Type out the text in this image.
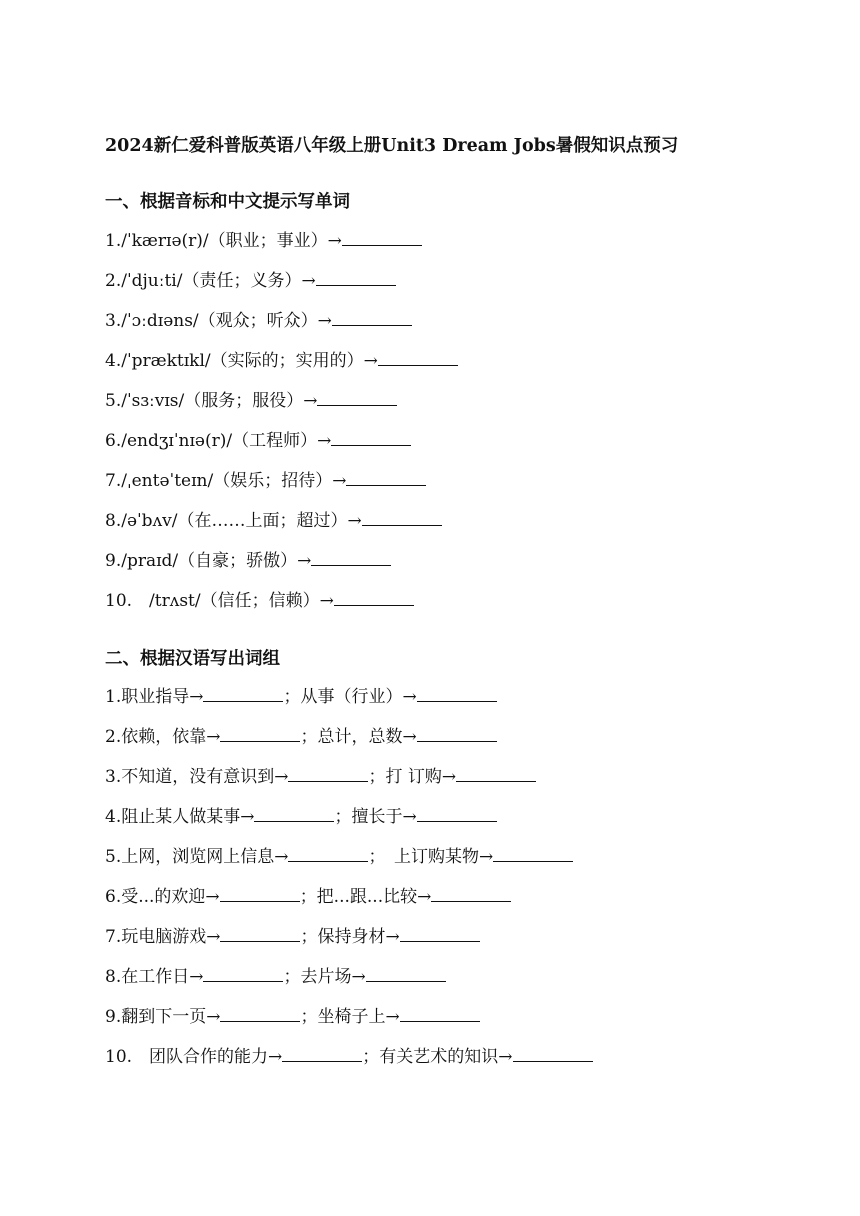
2024新仁爱科普版英语八年级上册Unit3 Dream Jobs暑假知识点预习
一、根据音标和中文提示写单词
1./ˈkærɪə(r)/（职业；事业）→
2./ˈdjuːti/（责任；义务）→
3./ˈɔːdɪəns/（观众；听众）→
4./ˈpræktɪkl/（实际的；实用的）→
5./ˈsɜːvɪs/（服务；服役）→
6./endʒɪˈnɪə(r)/（工程师）→
7./ˌentəˈteɪn/（娱乐；招待）→
8./əˈbʌv/（在……上面；超过）→
9./praɪd/（自豪；骄傲）→
10.　/trʌst/（信任；信赖）→
二、根据汉语写出词组
1.职业指导→	；从事（行业）→
2.依赖，依靠→	；总计，总数→
3.不知道，没有意识到→	；打 订购→
4.阻止某人做某事→	；擅长于→
5.上网，浏览网上信息→	；　上订购某物→
6.受...的欢迎→	；把...跟...比较→
7.玩电脑游戏→	；保持身材→
8.在工作日→	；去片场→
9.翻到下一页→	；坐椅子上→
10.　团队合作的能力→	；有关艺术的知识→
